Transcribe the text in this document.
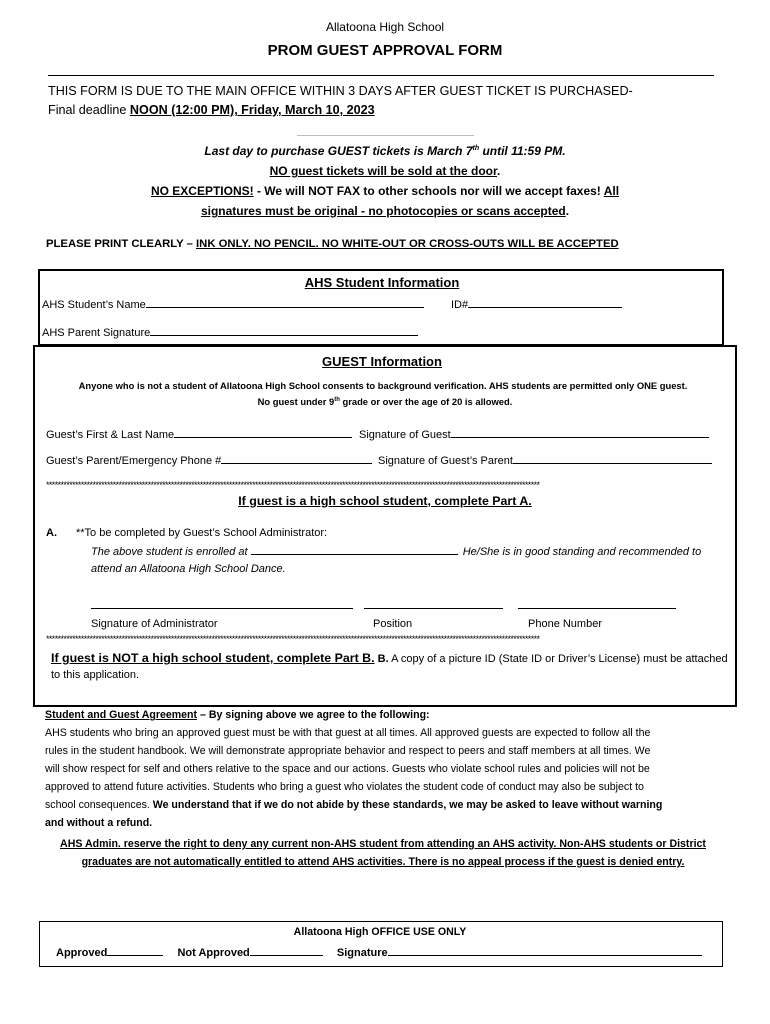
Allatoona High School
PROM GUEST APPROVAL FORM
THIS FORM IS DUE TO THE MAIN OFFICE WITHIN 3 DAYS AFTER GUEST TICKET IS PURCHASED-
Final deadline NOON (12:00 PM), Friday, March 10, 2023
Last day to purchase GUEST tickets is March 7th until 11:59 PM.
NO guest tickets will be sold at the door.
NO EXCEPTIONS! - We will NOT FAX to other schools nor will we accept faxes! All
signatures must be original - no photocopies or scans accepted.
PLEASE PRINT CLEARLY – INK ONLY. NO PENCIL. NO WHITE-OUT OR CROSS-OUTS WILL BE ACCEPTED
AHS Student Information
AHS Student’s Name	ID#
AHS Parent Signature
GUEST Information
Anyone who is not a student of Allatoona High School consents to background verification. AHS students are permitted only ONE guest.
No guest under 9th grade or over the age of 20 is allowed.
Guest’s First & Last Name	Signature of Guest
Guest’s Parent/Emergency Phone #	Signature of Guest’s Parent
**************************************************************************************************************************************************************************
If guest is a high school student, complete Part A.
A. **To be completed by Guest’s School Administrator:
The above student is enrolled at	. He/She is in good standing and recommended to
attend an Allatoona High School Dance.
Signature of Administrator	Position	Phone Number
**************************************************************************************************************************************************************************
If guest is NOT a high school student, complete Part B. B. A copy of a picture ID (State ID or Driver’s License) must be attached
to this application.
Student and Guest Agreement – By signing above we agree to the following:
AHS students who bring an approved guest must be with that guest at all times. All approved guests are expected to follow all the
rules in the student handbook. We will demonstrate appropriate behavior and respect to peers and staff members at all times. We
will show respect for self and others relative to the space and our actions. Guests who violate school rules and policies will not be
approved to attend future activities. Students who bring a guest who violates the student code of conduct may also be subject to
school consequences. We understand that if we do not abide by these standards, we may be asked to leave without warning
and without a refund.
AHS Admin. reserve the right to deny any current non-AHS student from attending an AHS activity. Non-AHS students or District
graduates are not automatically entitled to attend AHS activities. There is no appeal process if the guest is denied entry.
Allatoona High OFFICE USE ONLY
Approved	Not Approved	Signature
